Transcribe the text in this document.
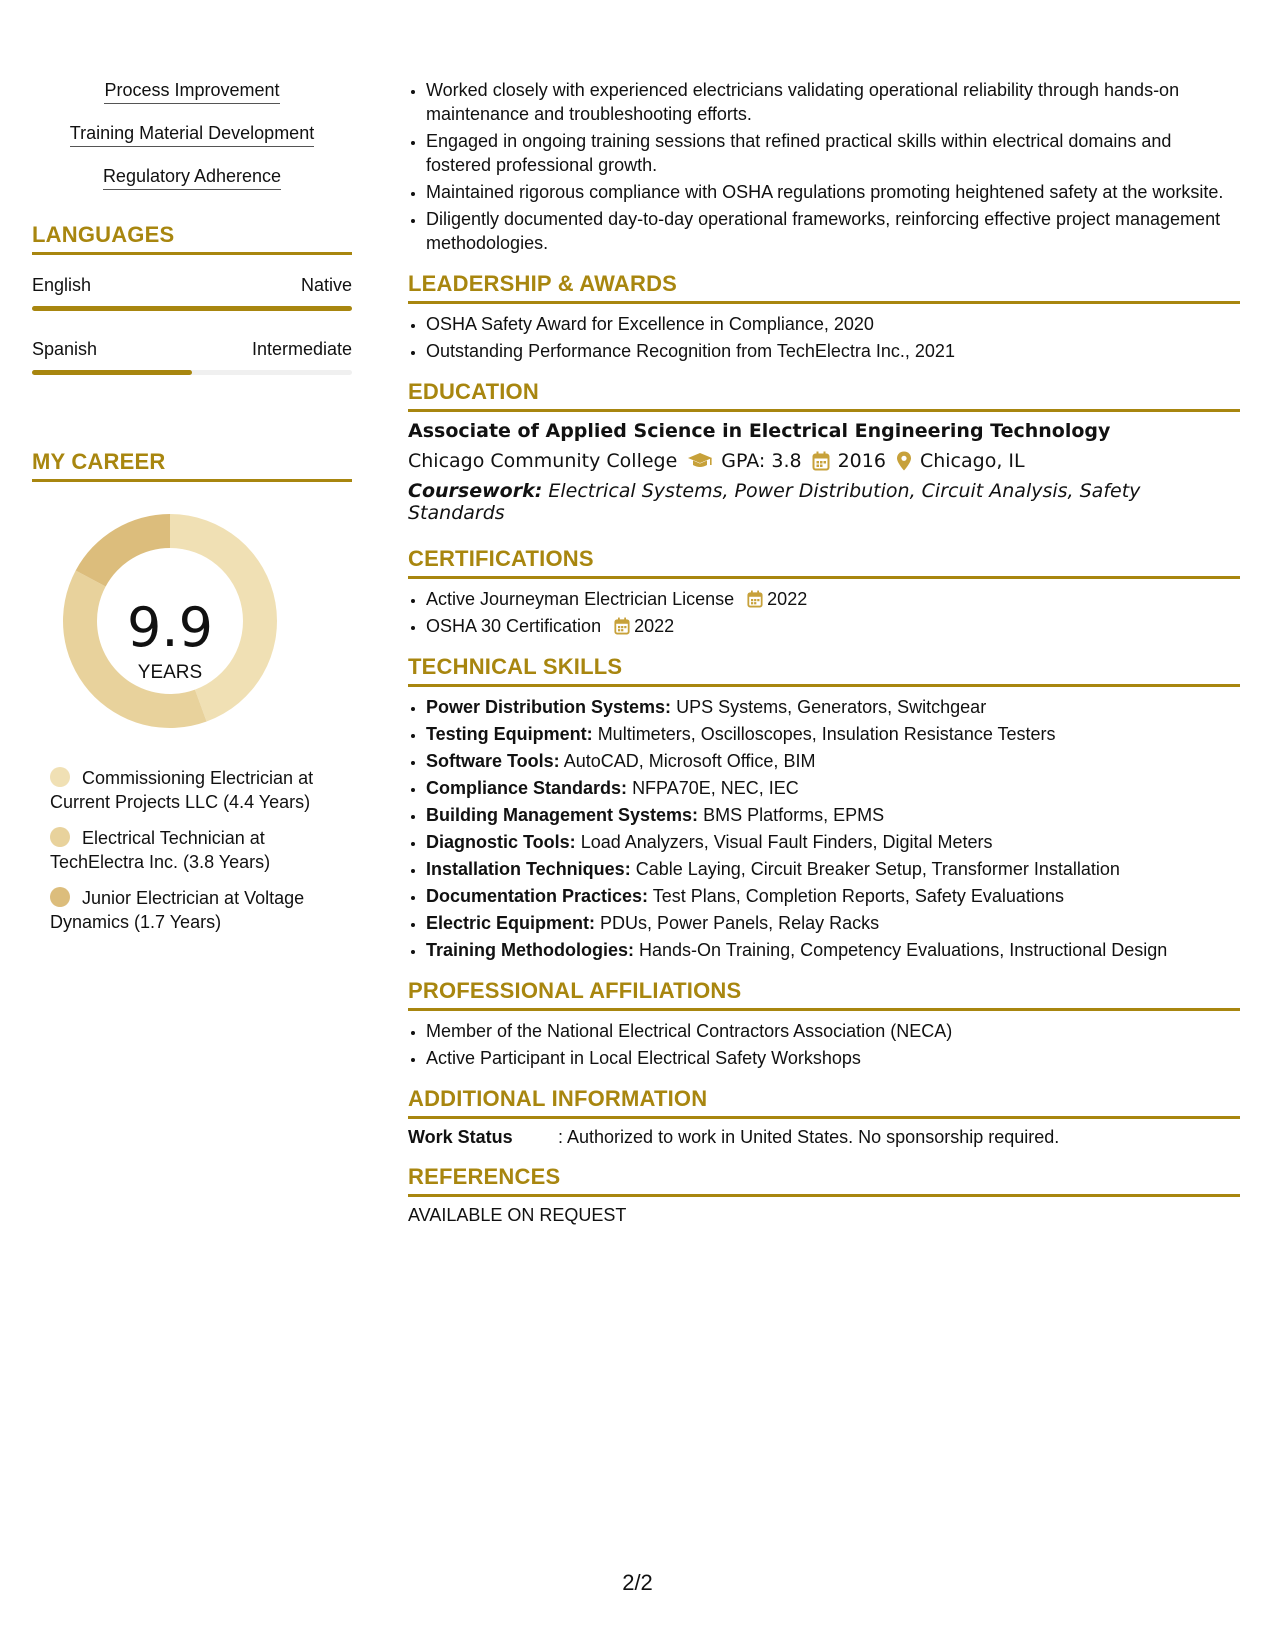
Process Improvement
Training Material Development
Regulatory Adherence
LANGUAGES
English	Native
Spanish	Intermediate
MY CAREER
9.9
YEARS
Commissioning Electrician at Current Projects LLC (4.4 Years)
Electrical Technician at TechElectra Inc. (3.8 Years)
Junior Electrician at Voltage Dynamics (1.7 Years)
• Worked closely with experienced electricians validating operational reliability through hands-on maintenance and troubleshooting efforts.
• Engaged in ongoing training sessions that refined practical skills within electrical domains and fostered professional growth.
• Maintained rigorous compliance with OSHA regulations promoting heightened safety at the worksite.
• Diligently documented day-to-day operational frameworks, reinforcing effective project management methodologies.
LEADERSHIP & AWARDS
• OSHA Safety Award for Excellence in Compliance, 2020
• Outstanding Performance Recognition from TechElectra Inc., 2021
EDUCATION
Associate of Applied Science in Electrical Engineering Technology
Chicago Community College GPA: 3.8 2016 Chicago, IL
Coursework: Electrical Systems, Power Distribution, Circuit Analysis, Safety Standards
CERTIFICATIONS
• Active Journeyman Electrician License 2022
• OSHA 30 Certification 2022
TECHNICAL SKILLS
• Power Distribution Systems: UPS Systems, Generators, Switchgear
• Testing Equipment: Multimeters, Oscilloscopes, Insulation Resistance Testers
• Software Tools: AutoCAD, Microsoft Office, BIM
• Compliance Standards: NFPA70E, NEC, IEC
• Building Management Systems: BMS Platforms, EPMS
• Diagnostic Tools: Load Analyzers, Visual Fault Finders, Digital Meters
• Installation Techniques: Cable Laying, Circuit Breaker Setup, Transformer Installation
• Documentation Practices: Test Plans, Completion Reports, Safety Evaluations
• Electric Equipment: PDUs, Power Panels, Relay Racks
• Training Methodologies: Hands-On Training, Competency Evaluations, Instructional Design
PROFESSIONAL AFFILIATIONS
• Member of the National Electrical Contractors Association (NECA)
• Active Participant in Local Electrical Safety Workshops
ADDITIONAL INFORMATION
Work Status	: Authorized to work in United States. No sponsorship required.
REFERENCES
AVAILABLE ON REQUEST
2/2
